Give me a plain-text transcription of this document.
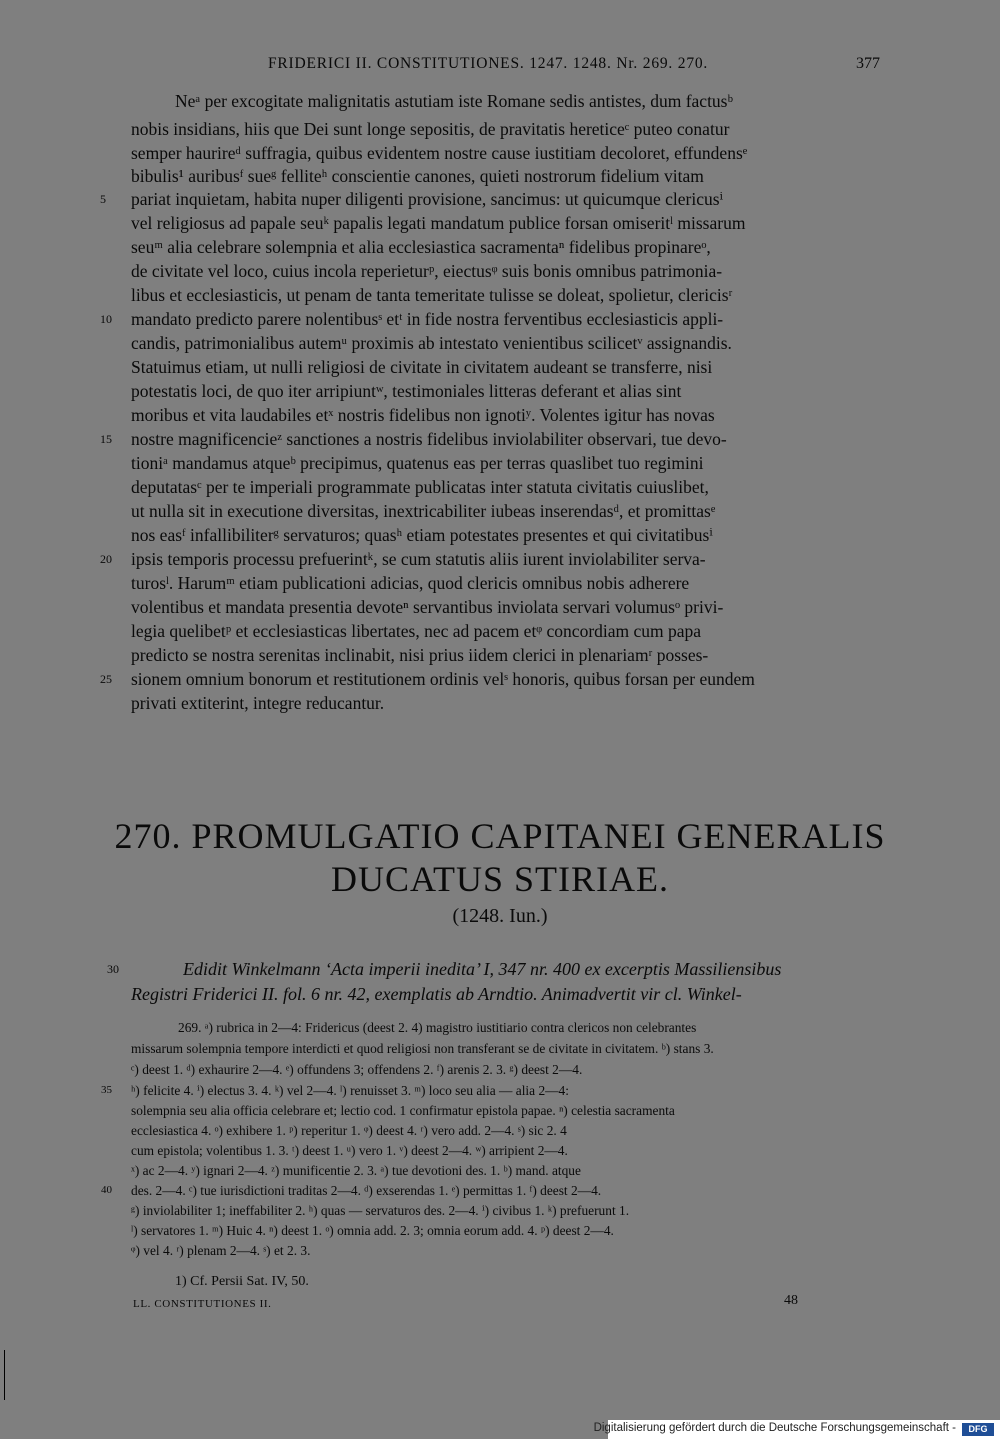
FRIDERICI II. CONSTITUTIONES. 1247. 1248. Nr. 269. 270.	377
Neᵃ per excogitate malignitatis astutiam iste Romane sedis antistes, dum factusᵇ
nobis insidians, hiis que Dei sunt longe sepositis, de pravitatis hereticeᶜ puteo conatur
semper haurireᵈ suffragia, quibus evidentem nostre cause iustitiam decoloret, effundensᵉ
bibulis¹ auribusᶠ sueᵍ felliteʰ conscientie canones, quieti nostrorum fidelium vitam
pariat inquietam, habita nuper diligenti provisione, sancimus: ut quicumque clericusⁱ
vel religiosus ad papale seuᵏ papalis legati mandatum publice forsan omiseritˡ missarum
seuᵐ alia celebrare solempnia et alia ecclesiastica sacramentaⁿ fidelibus propinareᵒ,
de civitate vel loco, cuius incola reperieturᵖ, eiectusᵠ suis bonis omnibus patrimonia-
libus et ecclesiasticis, ut penam de tanta temeritate tulisse se doleat, spolietur, clericisʳ
mandato predicto parere nolentibusˢ etᵗ in fide nostra ferventibus ecclesiasticis appli-
candis, patrimonialibus autemᵘ proximis ab intestato venientibus scilicetᵛ assignandis.
Statuimus etiam, ut nulli religiosi de civitate in civitatem audeant se transferre, nisi
potestatis loci, de quo iter arripiuntʷ, testimoniales litteras deferant et alias sint
moribus et vita laudabiles etˣ nostris fidelibus non ignotiʸ. Volentes igitur has novas
nostre magnificencieᶻ sanctiones a nostris fidelibus inviolabiliter observari, tue devo-
tioniᵃ mandamus atqueᵇ precipimus, quatenus eas per terras quaslibet tuo regimini
deputatasᶜ per te imperiali programmate publicatas inter statuta civitatis cuiuslibet,
ut nulla sit in executione diversitas, inextricabiliter iubeas inserendasᵈ, et promittasᵉ
nos easᶠ infallibiliterᵍ servaturos; quasʰ etiam potestates presentes et qui civitatibusⁱ
ipsis temporis processu prefuerintᵏ, se cum statutis aliis iurent inviolabiliter serva-
turosˡ. Harumᵐ etiam publicationi adicias, quod clericis omnibus nobis adherere
volentibus et mandata presentia devoteⁿ servantibus inviolata servari volumusᵒ privi-
legia quelibetᵖ et ecclesiasticas libertates, nec ad pacem etᵠ concordiam cum papa
predicto se nostra serenitas inclinabit, nisi prius iidem clerici in plenariamʳ posses-
sionem omnium bonorum et restitutionem ordinis velˢ honoris, quibus forsan per eundem
privati extiterint, integre reducantur.
5
10
15
20
25
270. PROMULGATIO CAPITANEI GENERALIS
DUCATUS STIRIAE.
(1248. Iun.)
30	Edidit Winkelmann ‘Acta imperii inedita’ I, 347 nr. 400 ex excerptis Massiliensibus
Registri Friderici II. fol. 6 nr. 42, exemplatis ab Arndtio. Animadvertit vir cl. Winkel-
269. ᵃ) rubrica in 2—4: Fridericus (deest 2. 4) magistro iustitiario contra clericos non celebrantes
missarum solempnia tempore interdicti et quod religiosi non transferant se de civitate in civitatem. ᵇ) stans 3.
ᶜ) deest 1. ᵈ) exhaurire 2—4. ᵉ) offundens 3; offendens 2. ᶠ) arenis 2. 3. ᵍ) deest 2—4.
ʰ) felicite 4. ⁱ) electus 3. 4. ᵏ) vel 2—4. ˡ) renuisset 3. ᵐ) loco seu alia — alia 2—4:
solempnia seu alia officia celebrare et; lectio cod. 1 confirmatur epistola papae. ⁿ) celestia sacramenta
ecclesiastica 4. ᵒ) exhibere 1. ᵖ) reperitur 1. ᵠ) deest 4. ʳ) vero add. 2—4. ˢ) sic 2. 4
cum epistola; volentibus 1. 3. ᵗ) deest 1. ᵘ) vero 1. ᵛ) deest 2—4. ʷ) arripient 2—4.
ˣ) ac 2—4. ʸ) ignari 2—4. ᶻ) munificentie 2. 3. ᵃ) tue devotioni des. 1. ᵇ) mand. atque
des. 2—4. ᶜ) tue iurisdictioni traditas 2—4. ᵈ) exserendas 1. ᵉ) permittas 1. ᶠ) deest 2—4.
ᵍ) inviolabiliter 1; ineffabiliter 2. ʰ) quas — servaturos des. 2—4. ⁱ) civibus 1. ᵏ) prefuerunt 1.
ˡ) servatores 1. ᵐ) Huic 4. ⁿ) deest 1. ᵒ) omnia add. 2. 3; omnia eorum add. 4. ᵖ) deest 2—4.
ᵠ) vel 4. ʳ) plenam 2—4. ˢ) et 2. 3.
35
40
1) Cf. Persii Sat. IV, 50.
LL. CONSTITUTIONES II.	48
Digitalisierung gefördert durch die Deutsche Forschungsgemeinschaft -	DFG
